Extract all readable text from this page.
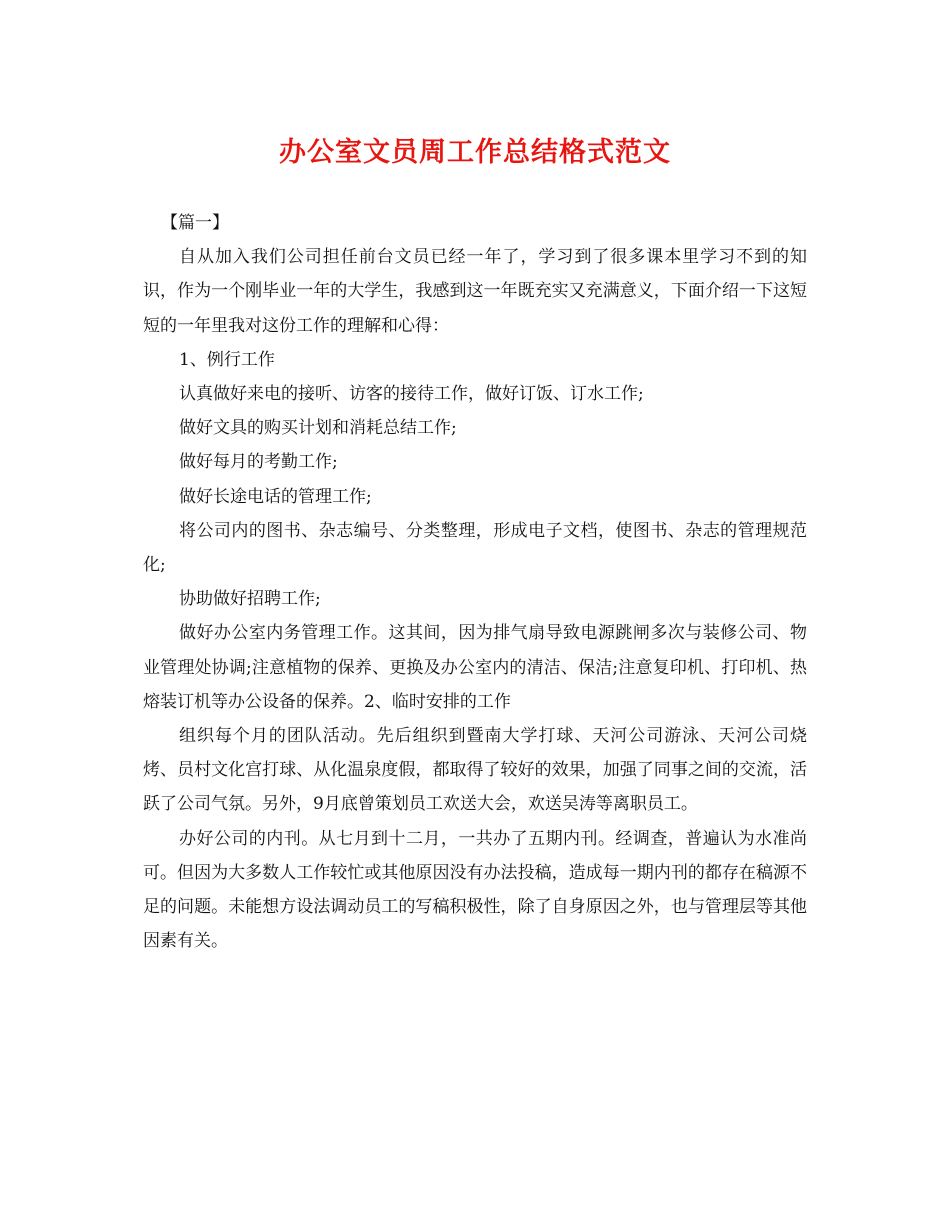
办公室文员周工作总结格式范文

【篇一】

自从加入我们公司担任前台文员已经一年了，学习到了很多课本里学习不到的知识，作为一个刚毕业一年的大学生，我感到这一年既充实又充满意义，下面介绍一下这短短的一年里我对这份工作的理解和心得：

1、例行工作

认真做好来电的接听、访客的接待工作，做好订饭、订水工作;

做好文具的购买计划和消耗总结工作;

做好每月的考勤工作;

做好长途电话的管理工作;

将公司内的图书、杂志编号、分类整理，形成电子文档，使图书、杂志的管理规范化;

协助做好招聘工作;

做好办公室内务管理工作。这其间，因为排气扇导致电源跳闸多次与装修公司、物业管理处协调;注意植物的保养、更换及办公室内的清洁、保洁;注意复印机、打印机、热熔装订机等办公设备的保养。2、临时安排的工作

组织每个月的团队活动。先后组织到暨南大学打球、天河公司游泳、天河公司烧烤、员村文化宫打球、从化温泉度假，都取得了较好的效果，加强了同事之间的交流，活跃了公司气氛。另外，9月底曾策划员工欢送大会，欢送吴涛等离职员工。

办好公司的内刊。从七月到十二月，一共办了五期内刊。经调查，普遍认为水准尚可。但因为大多数人工作较忙或其他原因没有办法投稿，造成每一期内刊的都存在稿源不足的问题。未能想方设法调动员工的写稿积极性，除了自身原因之外，也与管理层等其他因素有关。
